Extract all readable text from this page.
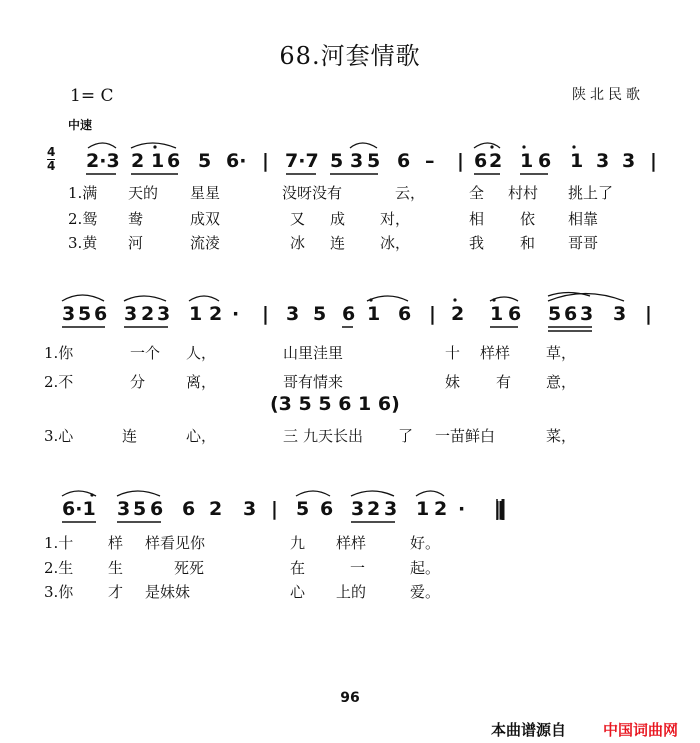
68.河套情歌
1= C
中速
陕北民歌
4
4 2·3 2 1 6 5 6· | 7·7 5 3 5 6 – | 6 2 1 6 1 3 3 |
1.满 天的 星星	没呀没有	云，	全 村村 挑上了
2.鸳 鸯	成双	又 成 对，	相 依 相靠
3.黄 河	流淩	冰 连 冰，	我 和 哥哥
3 5 6 3 2 3 1 2 · | 3 5 6 1 6 | 2 1 6 5 6 3 3 |
1.你	一个 人，	山里洼里	十 样样 草，
2.不	分	离，	哥有情来	妹 有 意，
(3 5 5 6 1 6)
3.心	连	心，	三 九天长出 了 一苗鲜白	菜，
6·1 3 5 6 6 2 3 | 5 6 3 2 3 1 2 · ‖
1.十 样 样看见你	九 样样	好。
2.生 生	死死	在	一	起。
3.你 才 是妹妹	心 上的	爱。
96
本曲谱源自 中国词曲网
